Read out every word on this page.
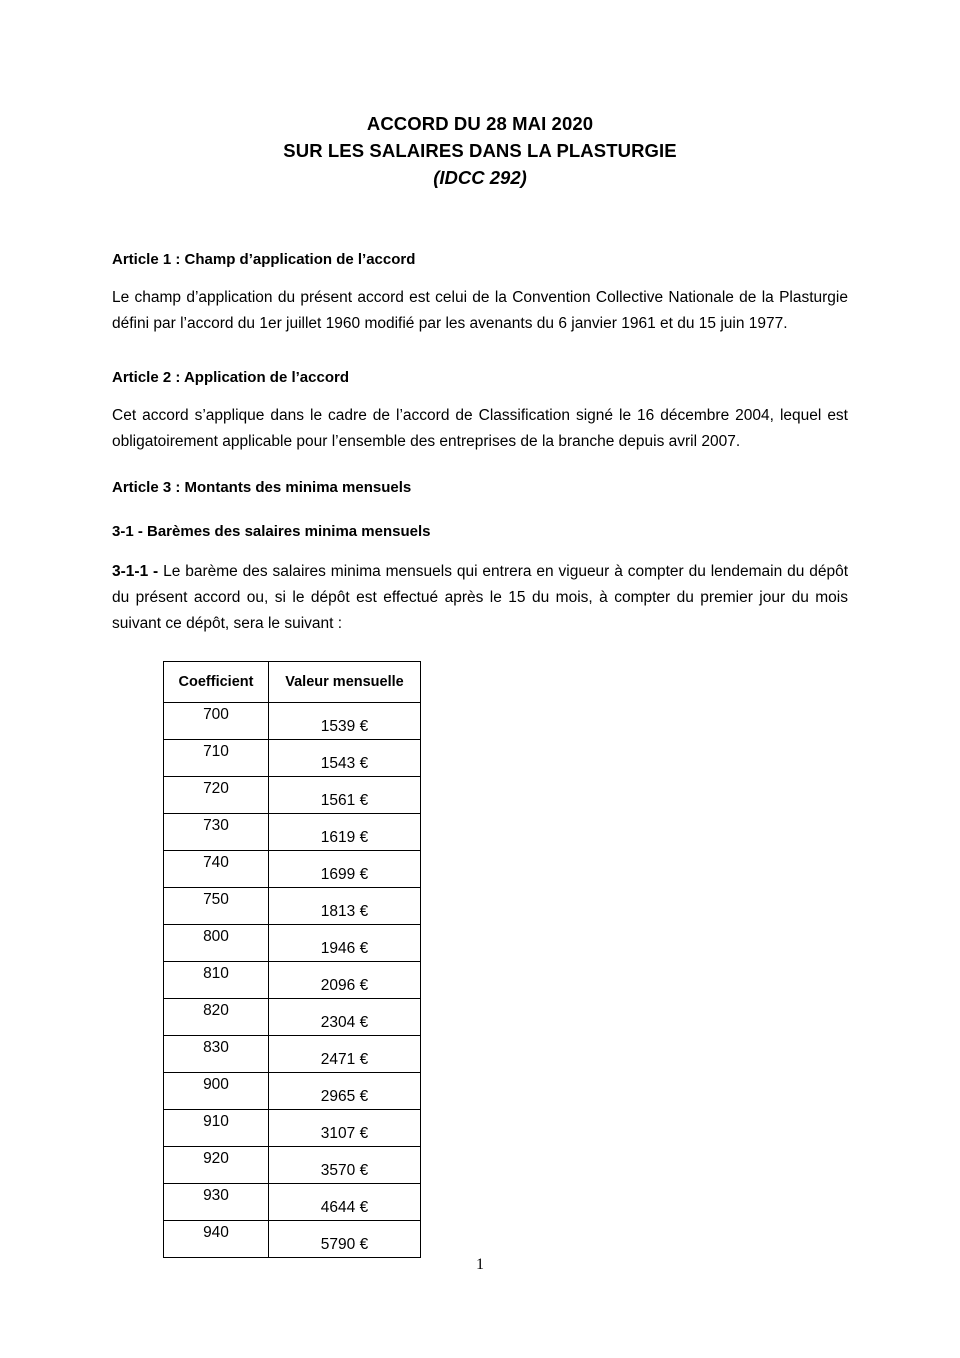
ACCORD DU 28 MAI 2020
SUR LES SALAIRES DANS LA PLASTURGIE
(IDCC 292)
Article 1 : Champ d’application de l’accord
Le champ d’application du présent accord est celui de la Convention Collective Nationale de la Plasturgie défini par l’accord du 1er juillet 1960 modifié par les avenants du 6 janvier 1961 et du 15 juin 1977.
Article 2 : Application de l’accord
Cet accord s’applique dans le cadre de l’accord de Classification signé le 16 décembre 2004, lequel est obligatoirement applicable pour l’ensemble des entreprises de la branche depuis avril 2007.
Article 3 : Montants des minima mensuels
3-1 - Barèmes des salaires minima mensuels
3-1-1 - Le barème des salaires minima mensuels qui entrera en vigueur à compter du lendemain du dépôt du présent accord ou, si le dépôt est effectué après le 15 du mois, à compter du premier jour du mois suivant ce dépôt, sera le suivant :
Coefficient	Valeur mensuelle
700	1539 €
710	1543 €
720	1561 €
730	1619 €
740	1699 €
750	1813 €
800	1946 €
810	2096 €
820	2304 €
830	2471 €
900	2965 €
910	3107 €
920	3570 €
930	4644 €
940	5790 €
1
